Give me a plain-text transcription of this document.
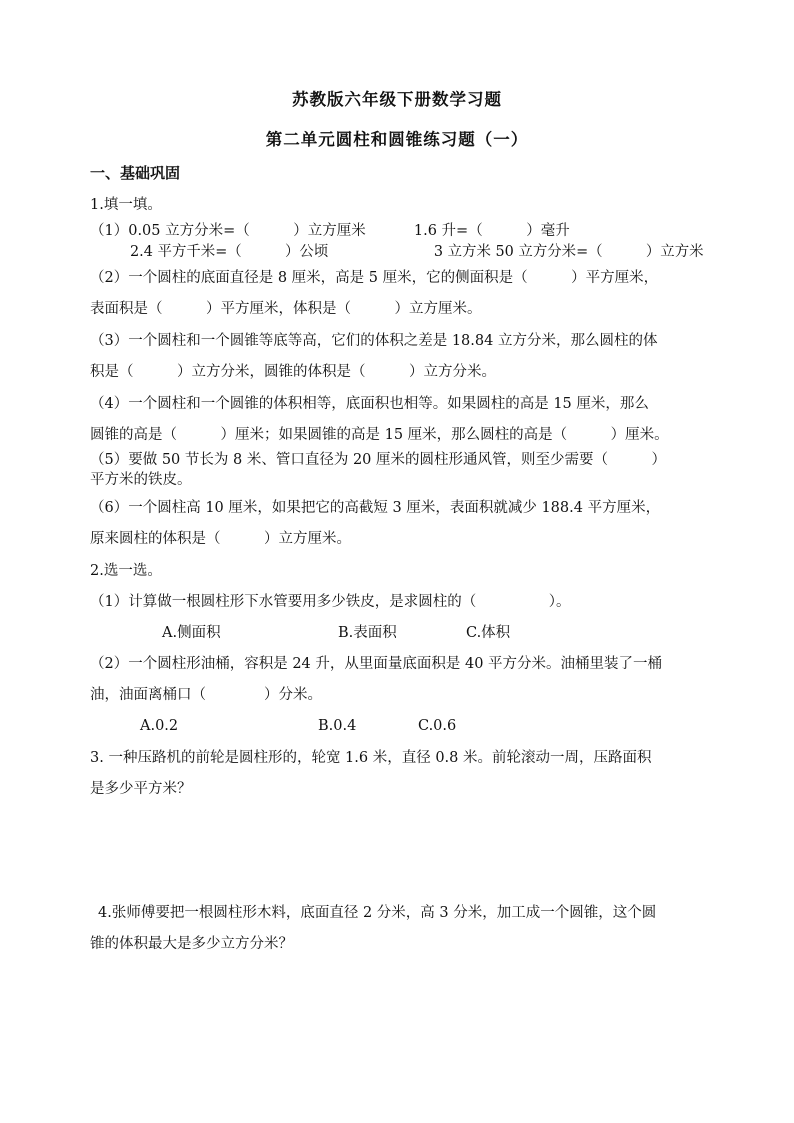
苏教版六年级下册数学习题
第二单元圆柱和圆锥练习题（一）
一、基础巩固
1.填一填。
（1）0.05 立方分米=（　　　）立方厘米　　　 1.6 升=（　　　）毫升
2.4 平方千米=（　　　）公顷　　　　　　　 3 立方米 50 立方分米=（　　　）立方米
（2）一个圆柱的底面直径是 8 厘米，高是 5 厘米，它的侧面积是（　　　）平方厘米，
表面积是（　　　）平方厘米，体积是（　　　）立方厘米。
（3）一个圆柱和一个圆锥等底等高，它们的体积之差是 18.84 立方分米，那么圆柱的体
积是（　　　）立方分米，圆锥的体积是（　　　）立方分米。
（4）一个圆柱和一个圆锥的体积相等，底面积也相等。如果圆柱的高是 15 厘米，那么
圆锥的高是（　　　）厘米；如果圆锥的高是 15 厘米，那么圆柱的高是（　　　）厘米。
（5）要做 50 节长为 8 米、管口直径为 20 厘米的圆柱形通风管，则至少需要（　　　）
平方米的铁皮。
（6）一个圆柱高 10 厘米，如果把它的高截短 3 厘米，表面积就减少 188.4 平方厘米，
原来圆柱的体积是（　　　）立方厘米。
2.选一选。
（1）计算做一根圆柱形下水管要用多少铁皮，是求圆柱的（　　　　　）。
A.侧面积	B.表面积	C.体积
（2）一个圆柱形油桶，容积是 24 升，从里面量底面积是 40 平方分米。油桶里装了一桶
油，油面离桶口（　　　　）分米。
A.0.2	B.0.4	C.0.6
3. 一种压路机的前轮是圆柱形的，轮宽 1.6 米，直径 0.8 米。前轮滚动一周，压路面积
是多少平方米？
4.张师傅要把一根圆柱形木料，底面直径 2 分米，高 3 分米，加工成一个圆锥，这个圆
锥的体积最大是多少立方分米？
